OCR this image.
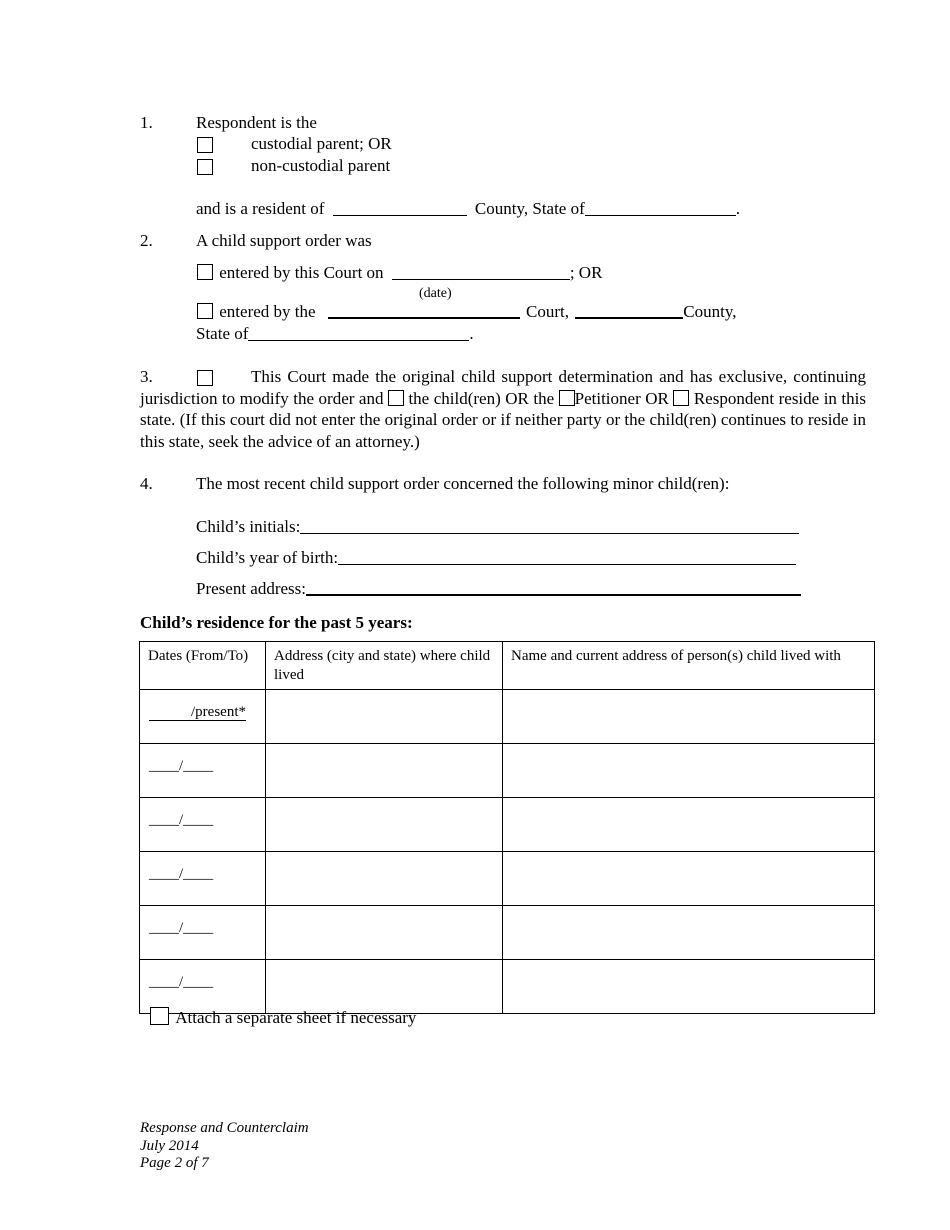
1.	Respondent is the
custodial parent; OR
non-custodial parent
and is a resident of	County, State of	.
2.	A child support order was
entered by this Court on	; OR
(date)
entered by the	Court,	County,
State of	.
3.	This Court made the original child support determination and has exclusive, continuing jurisdiction to modify the order and the child(ren) OR the Petitioner OR Respondent reside in this state. (If this court did not enter the original order or if neither party or the child(ren) continues to reside in this state, seek the advice of an attorney.)
4.	The most recent child support order concerned the following minor child(ren):
Child’s initials:
Child’s year of birth:
Present address:
Child’s residence for the past 5 years:
Dates (From/To)	Address (city and state) where child lived	Name and current address of person(s) child lived with
/present*		
____/____		
____/____		
____/____		
____/____		
____/____		
Attach a separate sheet if necessary
Response and Counterclaim
July 2014
Page 2 of 7
